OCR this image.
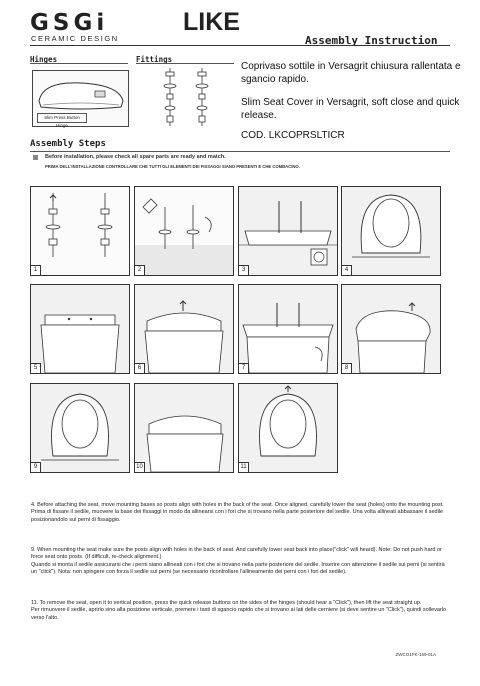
GSGi
CERAMIC DESIGN
LIKE
Assembly Instruction
Hinges	Fittings
Slim Press Button Hinge
Coprivaso sottile in Versagrit chiusura rallentata e sgancio rapido.
Slim Seat Cover in Versagrit, soft close and quick release.
COD. LKCOPRSLTICR
Assembly Steps
Before installation, please check all spare parts are ready and match.
PRIMA DELL'INSTALLAZIONE CONTROLLARE CHE TUTTI GLI ELEMENTI DEI FISSAGGI SIANO PRESENTI E CHE COMBACINO.
1	2	3	4
5	6	7	8
9	10	11
4. Before attaching the seat, move mounting bases so posts align with holes in the back of the seat. Once aligned, carefully lower the seat (holes) onto the mounting post.
Prima di fissare il sedile, muovere la base dei fissaggi in modo da allinearsi con i fori che si trovano nella parte posteriore del sedile. Una volta allineati abbassare il sedile posizionandolo sui perni di fissaggio.
9. When mounting the seat make sure the posts align with holes in the back of seat. And carefully lower seat back into place("click" will heard). Note: Do not push hard or force seat onto posts. (If difficult, re-check alignment.)
Quando si monta il sedile assicurarsi che i perni siano allineati con i fori che si trovano nella parte posteriore del sedile. Inserire con attenzione il sedile sui perni (si sentirà un "click"). Nota: non spingere con forza il sedile sui perni (se necessario ricontrollare l'allineamento dei perni con i fori del sedile).
11. To remove the seat, open it to vertical position, press the quick release buttons on the sides of the hinges (should hear a "Click"), then lift the seat straight up.
Per rimuovere il sedile, aprirlo sino alla posizione verticale, premere i tasti di sgancio rapido che si trovano ai lati delle cerniere (si deve sentire un "Click"), quindi sollevarlo verso l'alto.
ZWCO1FK-159-01A
